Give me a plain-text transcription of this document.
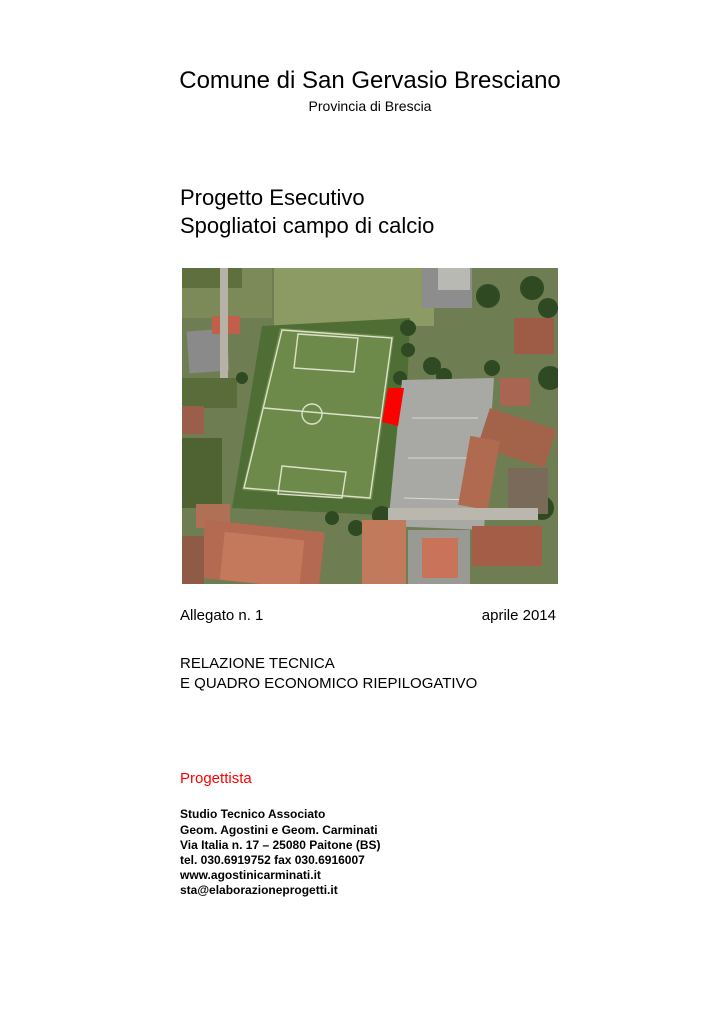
Comune di San Gervasio Bresciano
Provincia di Brescia
Progetto Esecutivo
Spogliatoi campo di calcio
Allegato n. 1	aprile 2014
RELAZIONE TECNICA
E QUADRO ECONOMICO RIEPILOGATIVO
Progettista
Studio Tecnico Associato
Geom. Agostini e Geom. Carminati
Via Italia n. 17 – 25080 Paitone (BS)
tel. 030.6919752 fax 030.6916007
www.agostinicarminati.it
sta@elaborazioneprogetti.it
